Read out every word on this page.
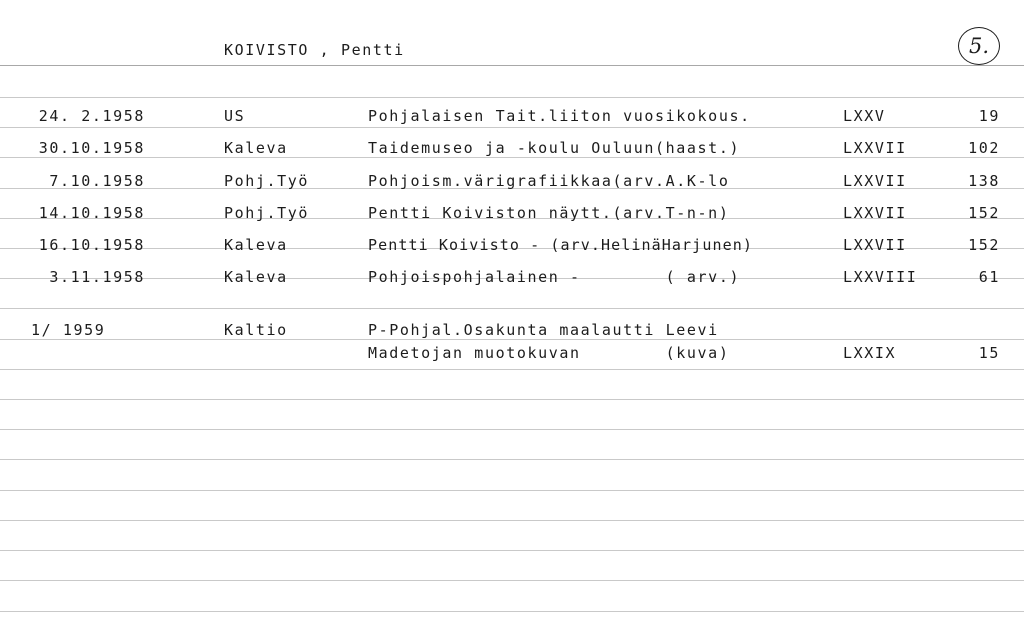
KOIVISTO , Pentti	5.
24. 2.1958	US	Pohjalaisen Tait.liiton vuosikokous.	LXXV	19
30.10.1958	Kaleva	Taidemuseo ja -koulu Ouluun(haast.)	LXXVII	102
7.10.1958	Pohj.Työ	Pohjoism.värigrafiikkaa(arv.A.K-lo	LXXVII	138
14.10.1958	Pohj.Työ	Pentti Koiviston näytt.(arv.T-n-n)	LXXVII	152
16.10.1958	Kaleva	Pentti Koivisto - (arv.HelinäHarjunen)	LXXVII	152
3.11.1958	Kaleva	Pohjoispohjalainen -        ( arv.)	LXXVIII	61
1/ 1959	Kaltio	P-Pohjal.Osakunta maalautti Leevi
Madetojan muotokuvan        (kuva)	LXXIX	15
